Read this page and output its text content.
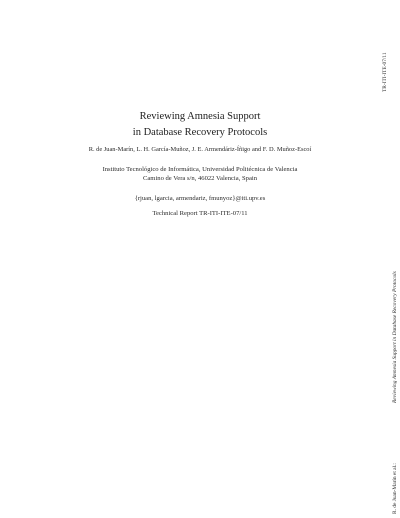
Reviewing Amnesia Support
in Database Recovery Protocols
R. de Juan-Marín, L. H. García-Muñoz, J. E. Armendáriz-Íñigo and F. D. Muñoz-Escoí
Instituto Tecnológico de Informática, Universidad Politécnica de Valencia
Camino de Vera s/n, 46022 Valencia, Spain
{rjuan, lgarcia, armendariz, fmunyoz}@iti.upv.es
Technical Report TR-ITI-ITE-07/11
TR-ITI-ITE-07/11
Reviewing Amnesia Support in Database Recovery Protocols
R. de Juan-Marín et al.:
